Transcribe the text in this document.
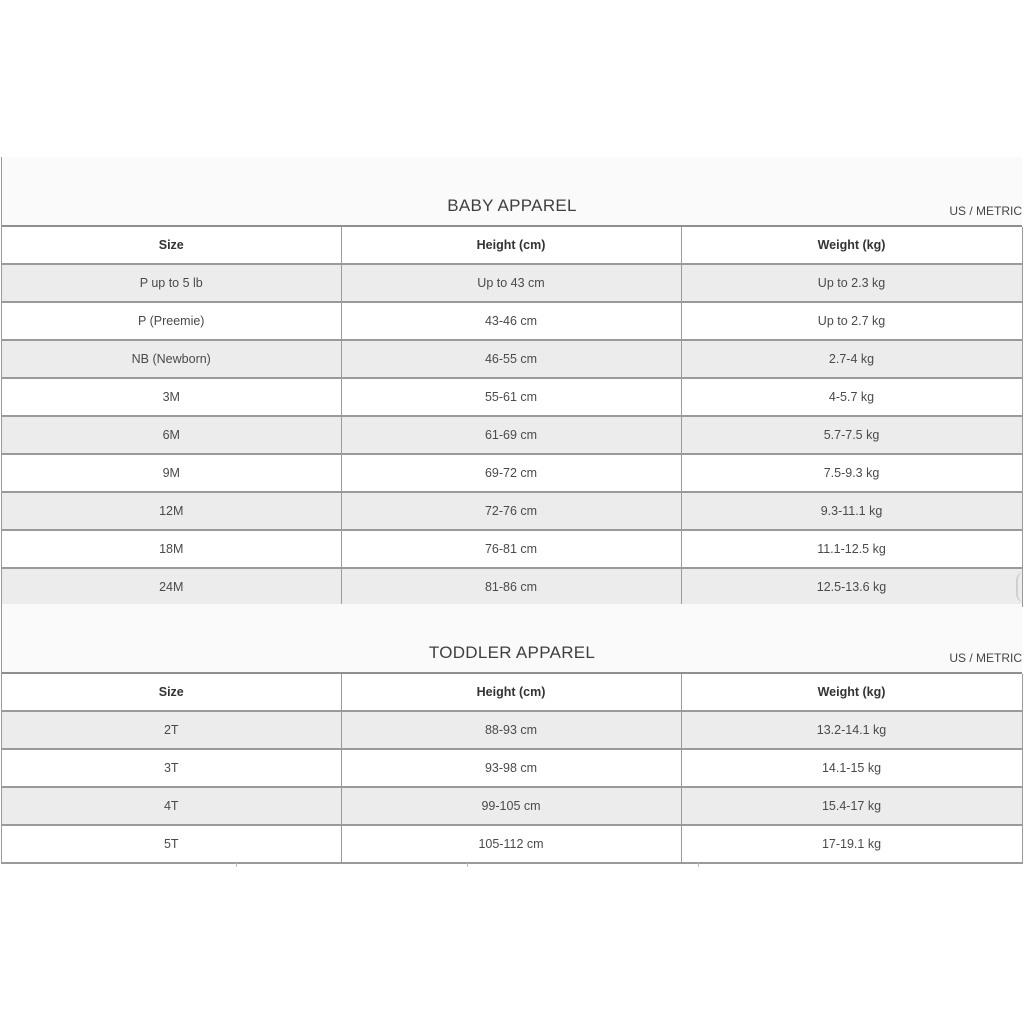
BABY APPAREL	US / METRIC
Size	Height (cm)	Weight (kg)
P up to 5 lb	Up to 43 cm	Up to 2.3 kg
P (Preemie)	43-46 cm	Up to 2.7 kg
NB (Newborn)	46-55 cm	2.7-4 kg
3M	55-61 cm	4-5.7 kg
6M	61-69 cm	5.7-7.5 kg
9M	69-72 cm	7.5-9.3 kg
12M	72-76 cm	9.3-11.1 kg
18M	76-81 cm	11.1-12.5 kg
24M	81-86 cm	12.5-13.6 kg
TODDLER APPAREL	US / METRIC
Size	Height (cm)	Weight (kg)
2T	88-93 cm	13.2-14.1 kg
3T	93-98 cm	14.1-15 kg
4T	99-105 cm	15.4-17 kg
5T	105-112 cm	17-19.1 kg
